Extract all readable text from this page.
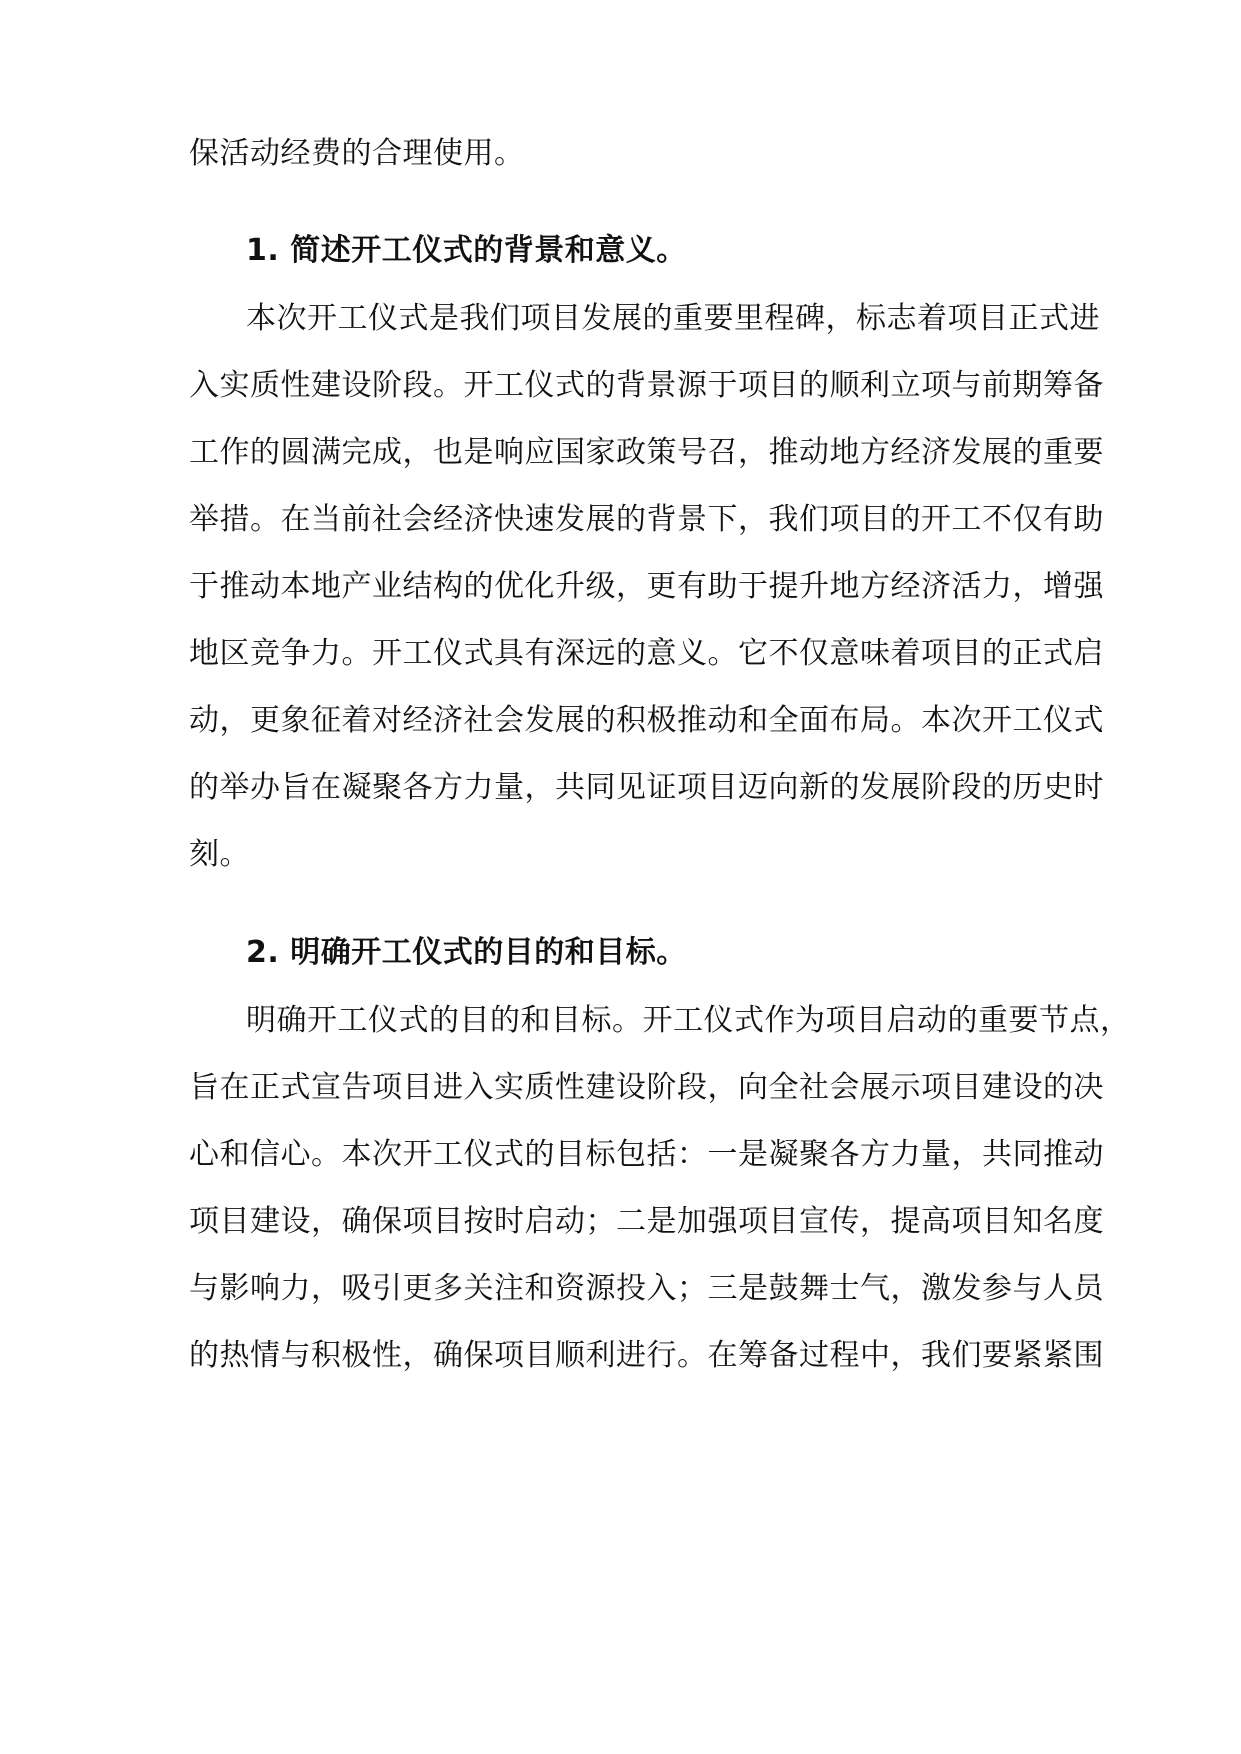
保活动经费的合理使用。
1. 简述开工仪式的背景和意义。
本次开工仪式是我们项目发展的重要里程碑，标志着项目正式进
入实质性建设阶段。开工仪式的背景源于项目的顺利立项与前期筹备
工作的圆满完成，也是响应国家政策号召，推动地方经济发展的重要
举措。在当前社会经济快速发展的背景下，我们项目的开工不仅有助
于推动本地产业结构的优化升级，更有助于提升地方经济活力，增强
地区竞争力。开工仪式具有深远的意义。它不仅意味着项目的正式启
动，更象征着对经济社会发展的积极推动和全面布局。本次开工仪式
的举办旨在凝聚各方力量，共同见证项目迈向新的发展阶段的历史时
刻。
2. 明确开工仪式的目的和目标。
明确开工仪式的目的和目标。开工仪式作为项目启动的重要节点，
旨在正式宣告项目进入实质性建设阶段，向全社会展示项目建设的决
心和信心。本次开工仪式的目标包括：一是凝聚各方力量，共同推动
项目建设，确保项目按时启动；二是加强项目宣传，提高项目知名度
与影响力，吸引更多关注和资源投入；三是鼓舞士气，激发参与人员
的热情与积极性，确保项目顺利进行。在筹备过程中，我们要紧紧围
